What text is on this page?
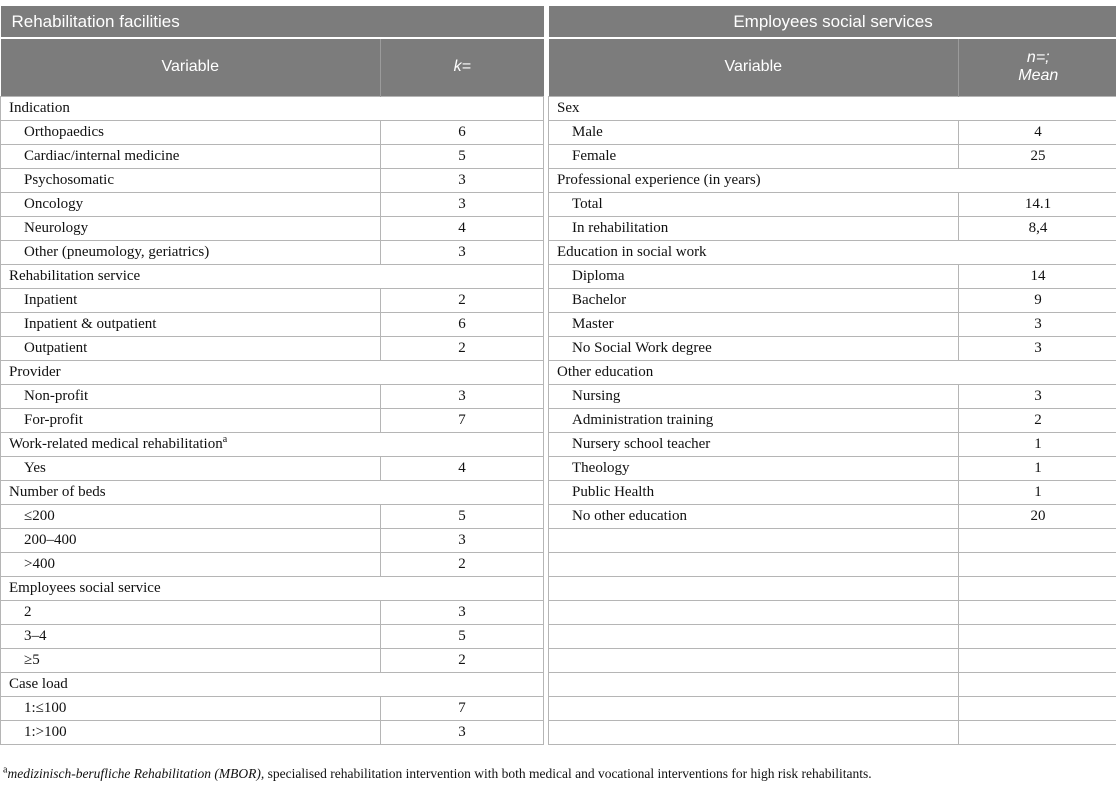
Rehabilitation facilities	
Variable	k=
Indication	
Orthopaedics	6
Cardiac/internal medicine	5
Psychosomatic	3
Oncology	3
Neurology	4
Other (pneumology, geriatrics)	3
Rehabilitation service	
Inpatient	2
Inpatient & outpatient	6
Outpatient	2
Provider	
Non-profit	3
For-profit	7
Work-related medical rehabilitation$^a$
Yes	4
Number of beds	
≤200	5
200–400	3
>400	2
Employees social service	
2	3
3–4	5
≥5	2
Case load	
1:≤100	7
1:>100	3
Employees social services	
Variable	n=;
Mean
Sex	
Male	4
Female	25
Professional experience (in years)	
Total	14.1
In rehabilitation	8,4
Education in social work	
Diploma	14
Bachelor	9
Master	3
No Social Work degree	3
Other education	
Nursing	3
Administration training	2
Nursery school teacher	1
Theology	1
Public Health	1
No other education	20

$^a$medizinisch-berufliche Rehabilitation (MBOR), specialised rehabilitation intervention with both medical and vocational interventions for high risk rehabilitants.
